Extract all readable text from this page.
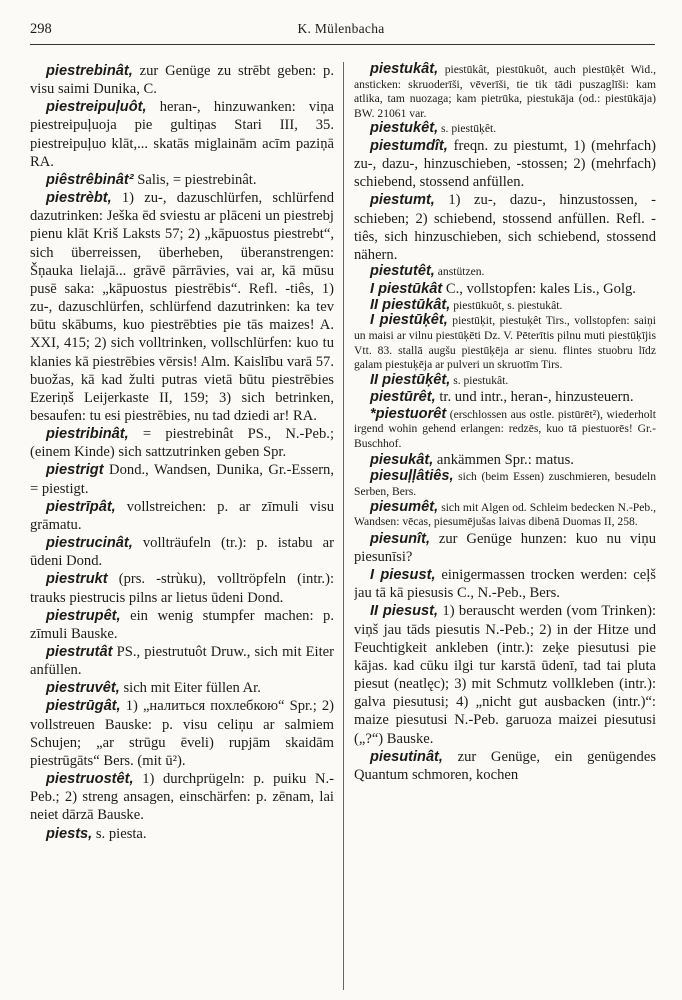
298	K. Mülenbacha
piestrebinât, zur Genüge zu strēbt geben: p. visu saimi Dunika, C.
piestreipuļuôt, heran-, hinzuwanken: viņa piestreipuļuoja pie gultiņas Stari III, 35. piestreipuļuo klāt,... skatās miglainām acīm paziņā RA.
piêstrêbinât² Salis, = piestrebinât.
piestrèbt, 1) zu-, dazuschlürfen, schlürfend dazutrinken: Ješka ēd sviestu ar plāceni un piestrebj pienu klāt Kriš Laksts 57; 2) „kāpuostus piestrebt“, sich überreissen, überheben, überanstrengen: Šņauka lielajā... grāvē pārrāvies, vai ar, kā mūsu pusē saka: „kāpuostus piestrēbis“. Refl. -tiês, 1) zu-, dazuschlürfen, schlürfend dazutrinken: ka tev būtu skābums, kuo piestrēbties pie tās maizes! A. XXI, 415; 2) sich volltrinken, vollschlürfen: kuo tu klanies kā piestrēbies vērsis! Alm. Kaislību varā 57. buožas, kā kad žulti putras vietā būtu piestrēbies Ezeriņš Leijerkaste II, 159; 3) sich betrinken, besaufen: tu esi piestrēbies, nu tad dziedi ar! RA.
piestribinât, = piestrebinât PS., N.-Peb.; (einem Kinde) sich sattzutrinken geben Spr.
piestrigt Dond., Wandsen, Dunika, Gr.-Essern, = piestigt.
piestrīpât, vollstreichen: p. ar zīmuli visu grāmatu.
piestrucinât, vollträufeln (tr.): p. istabu ar ūdeni Dond.
piestrukt (prs. -strùku), volltröpfeln (intr.): trauks piestrucis pilns ar lietus ūdeni Dond.
piestrupêt, ein wenig stumpfer machen: p. zīmuli Bauske.
piestrutât PS., piestrutuôt Druw., sich mit Eiter anfüllen.
piestruvêt, sich mit Eiter füllen Ar.
piestrūgât, 1) „налиться похлебкою“ Spr.; 2) vollstreuen Bauske: p. visu celiņu ar salmiem Schujen; „ar strūgu ēveli) rupjām skaidām piestrūgāts“ Bers. (mit ū²).
piestruostêt, 1) durchprügeln: p. puiku N.-Peb.; 2) streng ansagen, einschärfen: p. zēnam, lai neiet dārzā Bauske.
piests, s. piesta.
piestukât, piestūkât, piestūkuôt, auch piestūķêt Wid., ansticken: skruoderīši, vēverīši, tie tik tādi puszaglīši: kam atlika, tam nuozaga; kam pietrūka, piestukāja (od.: piestūkāja) BW. 21061 var.
piestukêt, s. piestūķêt.
piestumdît, freqn. zu piestumt, 1) (mehrfach) zu-, dazu-, hinzuschieben, -stossen; 2) (mehrfach) schiebend, stossend anfüllen.
piestumt, 1) zu-, dazu-, hinzustossen, -schieben; 2) schiebend, stossend anfüllen. Refl. -tiês, sich hinzuschieben, sich schiebend, stossend nähern.
piestutêt, anstützen.
I piestūkât C., vollstopfen: kales Lis., Golg.
II piestūkât, piestūkuôt, s. piestukât.
I piestūķêt, piestūķit, piestuķêt Tirs., vollstopfen: saiņi un maisi ar vilnu piestūķēti Dz. V. Pēterītis pilnu muti piestūķījis Vtt. 83. stallā augšu piestūķēja ar sienu. flintes stuobru līdz galam piestuķēja ar pulveri un skruotīm Tirs.
II piestūķêt, s. piestukât.
piestūrêt, tr. und intr., heran-, hinzusteuern.
*piestuorêt (erschlossen aus ostle. pistūrēt²), wiederholt irgend wohin gehend erlangen: redzēs, kuo tā piestuorēs! Gr.-Buschhof.
piesukât, ankämmen Spr.: matus.
piesuļļâtiês, sich (beim Essen) zuschmieren, besudeln Serben, Bers.
piesumêt, sich mit Algen od. Schleim bedecken N.-Peb., Wandsen: vēcas, piesumējušas laivas dibenā Duomas II, 258.
piesunît, zur Genüge hunzen: kuo nu viņu piesunīsi?
I piesust, einigermassen trocken werden: ceļš jau tā kā piesusis C., N.-Peb., Bers.
II piesust, 1) berauscht werden (vom Trinken): viņš jau tāds piesutis N.-Peb.; 2) in der Hitze und Feuchtigkeit ankleben (intr.): zeķe piesutusi pie kājas. kad cūku ilgi tur karstā ūdenī, tad tai pluta piesut (neatlęc); 3) mit Schmutz vollkleben (intr.): galva piesutusi; 4) „nicht gut ausbacken (intr.)“: maize piesutusi N.-Peb. garuoza maizei piesutusi („?“) Bauske.
piesutinât, zur Genüge, ein genügendes Quantum schmoren, kochen
